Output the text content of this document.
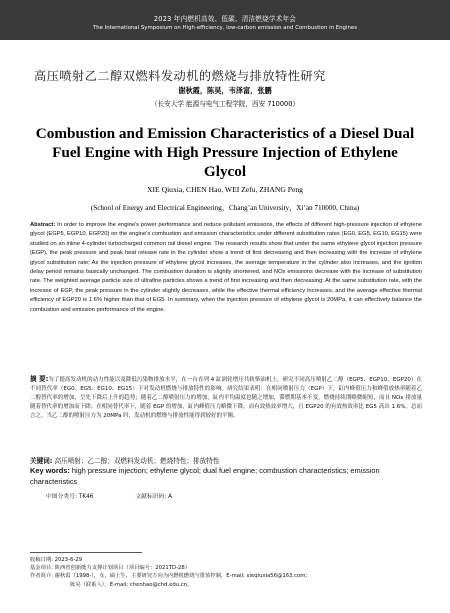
2023 年内燃机高效、低碳、清洁燃烧学术年会
The International Symposium on High-efficiency, low-carbon emission and Combustion in Engines
高压喷射乙二醇双燃料发动机的燃烧与排放特性研究
谢秋霞，陈昊，韦泽富，张鹏
（长安大学 能源与电气工程学院，西安 710000）
Combustion and Emission Characteristics of a Diesel Dual Fuel Engine with High Pressure Injection of Ethylene Glycol
XIE Qiuxia, CHEN Hao, WEI Zefu, ZHANG Peng
(School of Energy and Electrical Engineering，Chang’an University，Xi’an 710000, China)
Abstract: In order to improve the engine's power performance and reduce pollutant emissions, the effects of different high-pressure injection of ethylene glycol (EGP5, EGP10, EGP20) on the engine's combustion and emission characteristics under different substitution rates (EG0, EG5, EG10, EG15) were studied on an inline 4-cylinder turbocharged common rail diesel engine. The research results show that under the same ethylene glycol injection pressure (EGP), the peak pressure and peak heat release rate in the cylinder show a trend of first decreasing and then increasing with the increase of ethylene glycol substitution rate; As the injection pressure of ethylene glycol increases, the average temperature in the cylinder also increases, and the ignition delay period remains basically unchanged. The combustion duration is slightly shortened, and NOx emissions decrease with the increase of substitution rate. The weighted average particle size of ultrafine particles shows a trend of first increasing and then decreasing; At the same substitution rate, with the increase of EGP, the peak pressure in the cylinder slightly decreases, while the effective thermal efficiency increases, and the average effective thermal efficiency of EGP20 is 1.6% higher than that of EG5. In summary, when the injection pressure of ethylene glycol is 20MPa, it can effectively balance the combustion and emission performance of the engine.
摘 要:为了提高发动机的动力性能以及降低污染物排放水平，在一台直列 4 缸涡轮增压共轨柴油机上，研究不同高压喷射乙二醇（EGP5、EGP10、EGP20）在不同替代率（EG0、EG5、EG10、EG15）下对发动机燃烧与排放特性的影响。研究结果表明：在相同喷射压力（EGP）下，缸内峰值压力和峰值放热率随着乙二醇替代率的增加，呈先下降后上升的趋势；随着乙二醇喷射压力的增加，缸内平均温度也随之增加，滞燃期基本不变，燃烧持续期略微缩短，而且 NOx 排放量随着替代率的增加而下降；在相同替代率下，随着 EGP 的增加，缸内峰值压力略微下降，而有效热效率增大，且 EGP20 的有效热效率比 EG5 高出 1.6%。总而言之，当乙二醇的喷射压力为 20MPa 时，发动机的燃烧与排放性能得到较好的平衡。
关键词: 高压喷射；乙二醇；双燃料发动机；燃烧特性；排放特性
Key words: high pressure injection; ethylene glycol; dual fuel engine; combustion characteristics; emission characteristics
中图分类号: TK46	文献标识码: A
收稿日期: 2023-6-29
基金项目: 陕西省创新能力支撑计划项目（项目编号：2021TD-28）
作者简介: 谢秋霞（1998-），女，硕士生，主要研究方向为内燃机燃烧与排放控制，E-mail: xieqiuxia56@163.com;
陈昊（联系人），E-mail: chenhao@chd.edu.cn。
